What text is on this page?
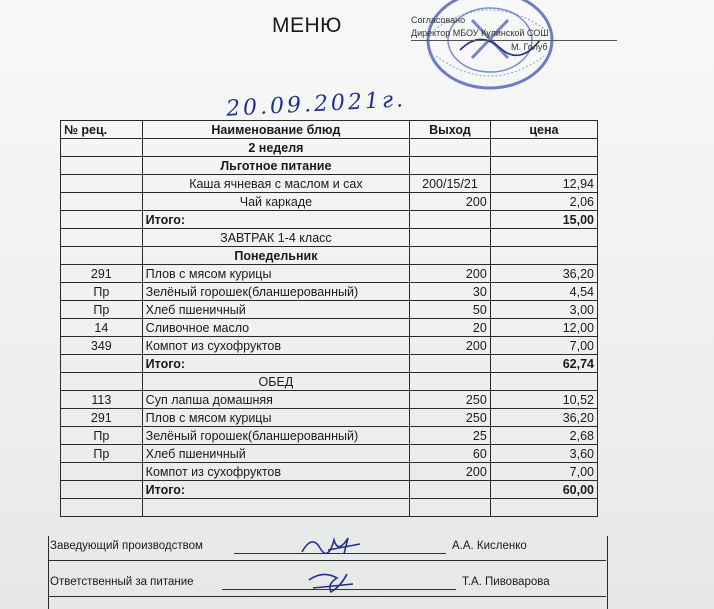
МЕНЮ	Согласовано
Директор МБОУ Кулинской СОШ
М. Голуб
20.09.2021г.
№ рец.	Наименование блюд	Выход	цена
	2 неделя		
	Льготное питание		
	Каша ячневая с маслом и сах	200/15/21	12,94
	Чай каркаде	200	2,06
	Итого:		15,00
	ЗАВТРАК 1-4 класс		
	Понедельник		
291	Плов с мясом курицы	200	36,20
Пр	Зелёный горошек(бланшерованный)	30	4,54
Пр	Хлеб пшеничный	50	3,00
14	Сливочное масло	20	12,00
349	Компот из сухофруктов	200	7,00
	Итого:		62,74
	ОБЕД		
113	Суп лапша домашняя	250	10,52
291	Плов с мясом курицы	250	36,20
Пр	Зелёный горошек(бланшерованный)	25	2,68
Пр	Хлеб пшеничный	60	3,60
	Компот из сухофруктов	200	7,00
	Итого:		60,00

Заведующий производством	А.А. Кисленко
Ответственный за питание	Т.А. Пивоварова
